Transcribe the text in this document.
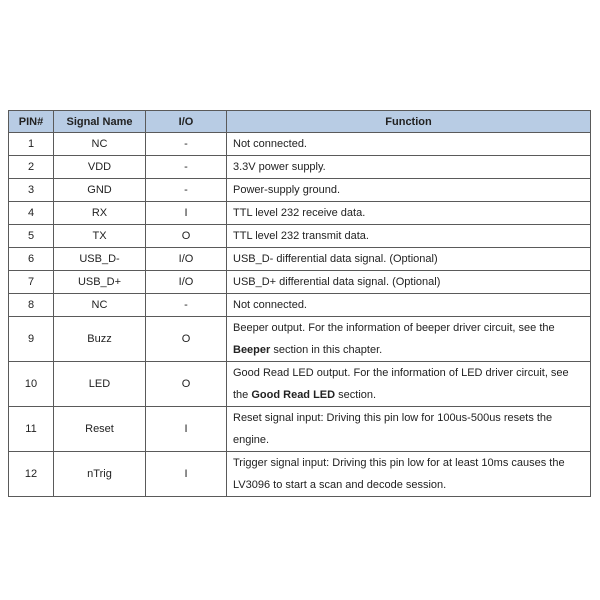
PIN#	Signal Name	I/O	Function
1	NC	-	Not connected.
2	VDD	-	3.3V power supply.
3	GND	-	Power-supply ground.
4	RX	I	TTL level 232 receive data.
5	TX	O	TTL level 232 transmit data.
6	USB_D-	I/O	USB_D- differential data signal. (Optional)
7	USB_D+	I/O	USB_D+ differential data signal. (Optional)
8	NC	-	Not connected.
9	Buzz	O	Beeper output. For the information of beeper driver circuit, see the Beeper section in this chapter.
10	LED	O	Good Read LED output. For the information of LED driver circuit, see the Good Read LED section.
11	Reset	I	Reset signal input: Driving this pin low for 100us-500us resets the engine.
12	nTrig	I	Trigger signal input: Driving this pin low for at least 10ms causes the LV3096 to start a scan and decode session.
